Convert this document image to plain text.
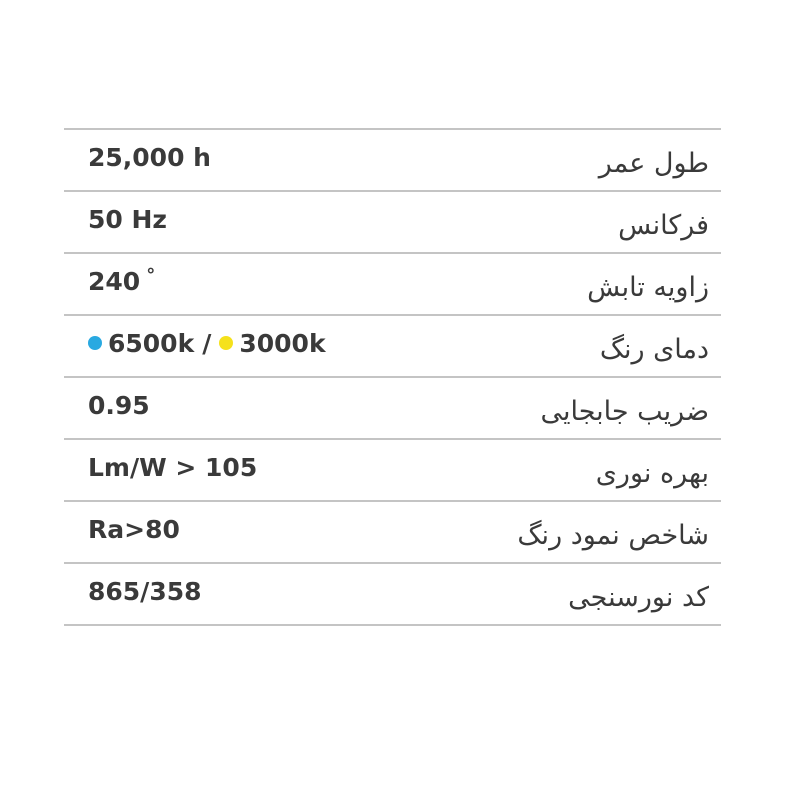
25,000 h	طول عمر
50 Hz	فرکانس
240 °	زاویه تابش
6500k / 3000k	دمای رنگ
0.95	ضریب جابجایی
Lm/W > 105	بهره نوری
Ra>80	شاخص نمود رنگ
865/358	کد نورسنجی
